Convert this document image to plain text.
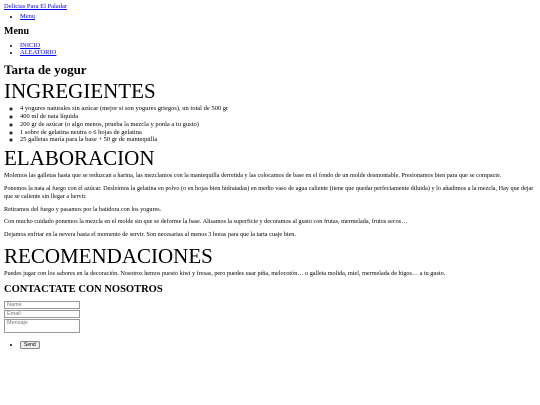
Delicias Para El Paladar
• Menu
Menu
• INICIO
• ALEATORIO
Tarta de yogur
INGREGIENTES
◦ 4 yogures naturales sin azúcar (mejor si son yogures griegos), un total de 500 gr
◦ 400 ml de nata líquida
◦ 200 gr de azúcar (o algo menos, prueba la mezcla y ponla a tu gusto)
◦ 1 sobre de gelatina neutra o 6 hojas de gelatina
◦ 25 galletas maría para la base + 50 gr de mantequilla
ELABORACION

Molemos las galletas hasta que se reduzcan a harina, las mezclamos con la mantequilla derretida y las colocamos de base en el fondo de un molde desmontable. Presionamos bien para que se compacte.

Ponemos la nata al fuego con el azúcar. Desleímos la gelatina en polvo (o en hojas bien hidratadas) en medio vaso de agua caliente (tiene que quedar perfectamente diluida) y lo añadimos a la mezcla, Hay que dejar que se caliente sin llegar a hervir.

Retiramos del fuego y pasamos por la batidora con los yogures.

Con mucho cuidado ponemos la mezcla en el molde sin que se deforme la base. Alisamos la superficie y decoramos al gusto con frutas, mermelada, frutos secos…

Dejamos enfriar en la nevera hasta el momento de servir. Son necesarias al menos 3 horas para que la tarta cuaje bien.

RECOMENDACIONES

Puedes jugar con los sabores en la decoración. Nosotros hemos puesto kiwi y fresas, pero puedes usar piña, melocotón… o galleta molida, miel, mermelada de higos… a tu gusto.

CONTACTATE CON NOSOTROS
Name
Email
Mensaje
• Send
